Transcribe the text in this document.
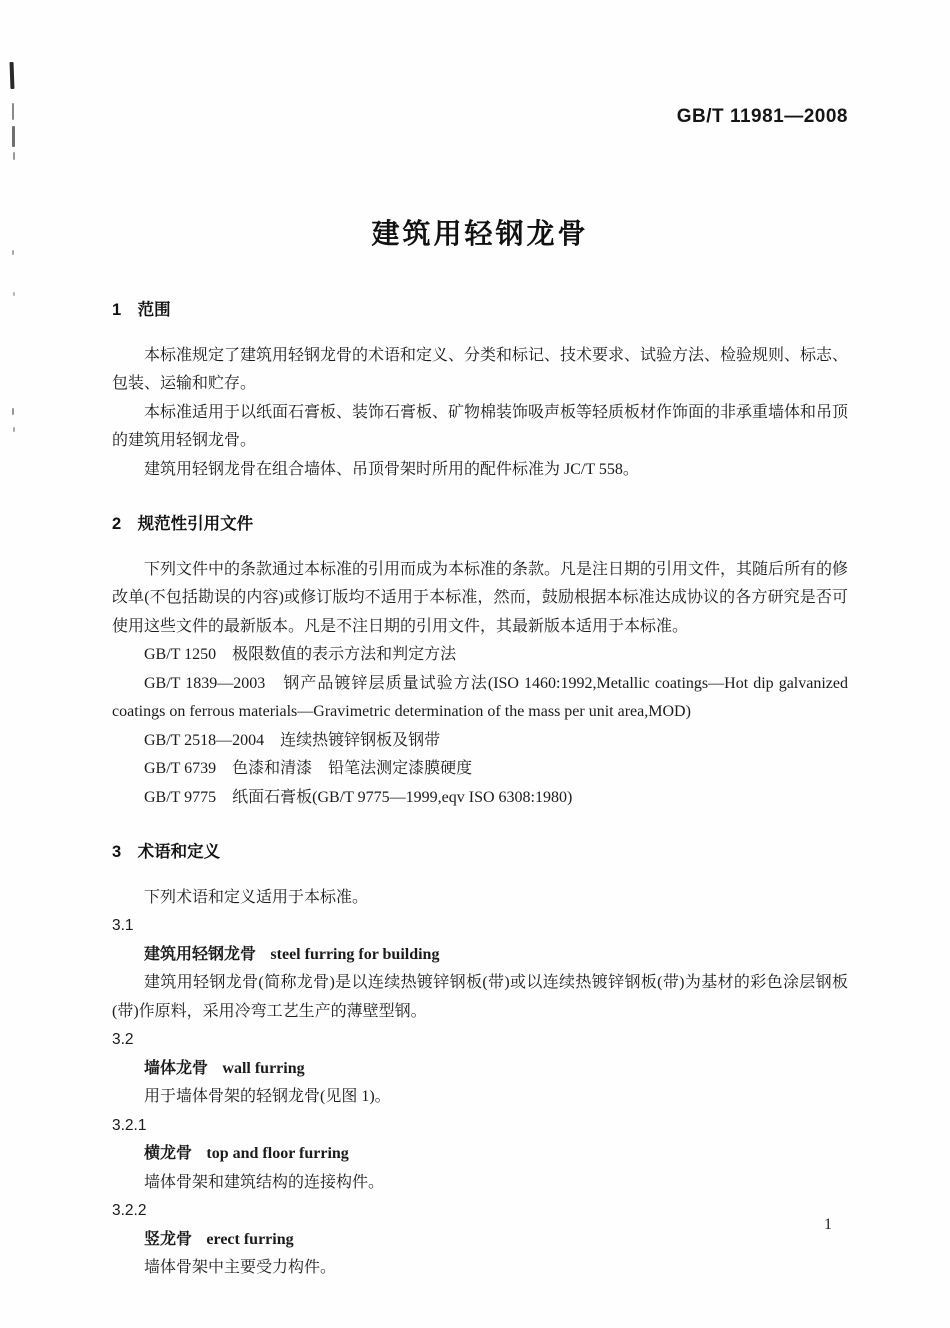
GB/T 11981—2008
建筑用轻钢龙骨
1　范围

本标准规定了建筑用轻钢龙骨的术语和定义、分类和标记、技术要求、试验方法、检验规则、标志、包装、运输和贮存。

本标准适用于以纸面石膏板、装饰石膏板、矿物棉装饰吸声板等轻质板材作饰面的非承重墙体和吊顶的建筑用轻钢龙骨。

建筑用轻钢龙骨在组合墙体、吊顶骨架时所用的配件标准为 JC/T 558。

2　规范性引用文件

下列文件中的条款通过本标准的引用而成为本标准的条款。凡是注日期的引用文件，其随后所有的修改单(不包括勘误的内容)或修订版均不适用于本标准，然而，鼓励根据本标准达成协议的各方研究是否可使用这些文件的最新版本。凡是不注日期的引用文件，其最新版本适用于本标准。

GB/T 1250　极限数值的表示方法和判定方法

GB/T 1839—2003　钢产品镀锌层质量试验方法(ISO 1460:1992,Metallic coatings—Hot dip galvanized coatings on ferrous materials—Gravimetric determination of the mass per unit area,MOD)

GB/T 2518—2004　连续热镀锌钢板及钢带

GB/T 6739　色漆和清漆　铅笔法测定漆膜硬度

GB/T 9775　纸面石膏板(GB/T 9775—1999,eqv ISO 6308:1980)

3　术语和定义

下列术语和定义适用于本标准。

3.1

建筑用轻钢龙骨 steel furring for building

建筑用轻钢龙骨(简称龙骨)是以连续热镀锌钢板(带)或以连续热镀锌钢板(带)为基材的彩色涂层钢板(带)作原料，采用冷弯工艺生产的薄壁型钢。

3.2

墙体龙骨 wall furring

用于墙体骨架的轻钢龙骨(见图 1)。

3.2.1

横龙骨 top and floor furring

墙体骨架和建筑结构的连接构件。

3.2.2

竖龙骨 erect furring

墙体骨架中主要受力构件。

1
